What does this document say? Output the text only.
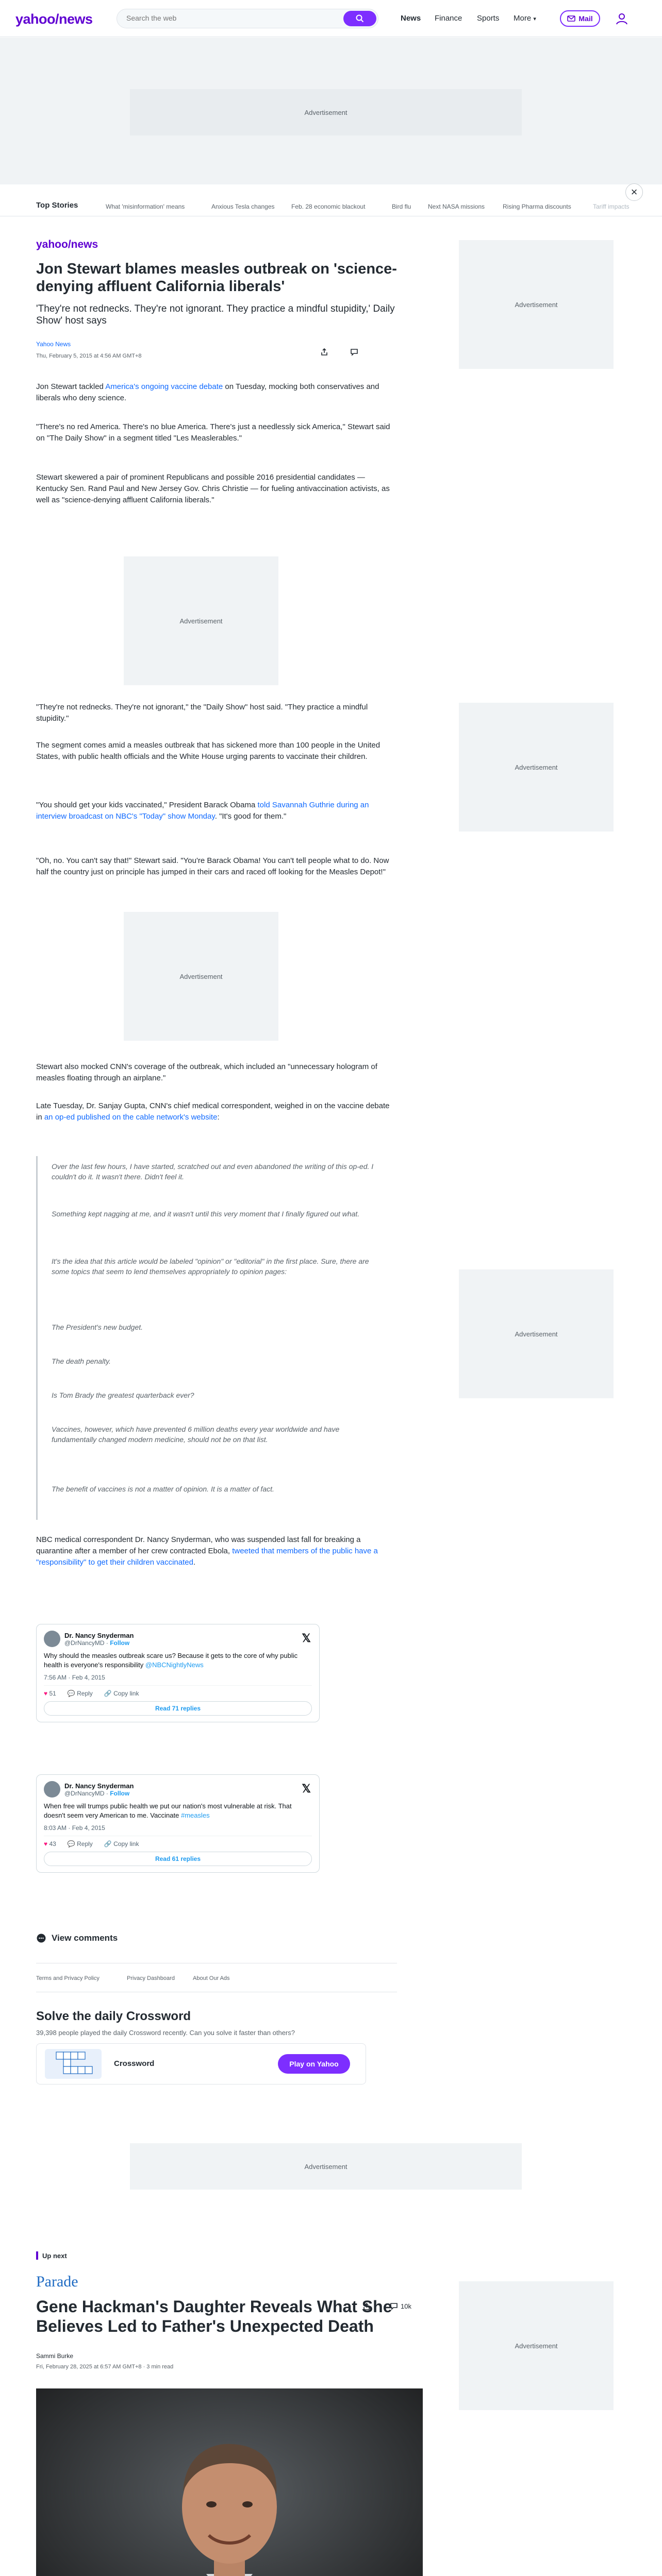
yahoo/news
Search the web	News Finance Sports More ▾	Mail
Advertisement
×
Top Stories	What 'misinformation' means	Anxious Tesla changes	Feb. 28 economic blackout	Bird flu	Next NASA missions	Rising Pharma discounts	Tariff impacts
yahoo/news
Jon Stewart blames measles outbreak on 'science-denying affluent California liberals'
'They're not rednecks. They're not ignorant. They practice a mindful stupidity,' Daily Show' host says
Yahoo News
Thu, February 5, 2015 at 4:56 AM GMT+8
Advertisement

Jon Stewart tackled America's ongoing vaccine debate on Tuesday, mocking both conservatives and liberals who deny science.

"There's no red America. There's no blue America. There's just a needlessly sick America," Stewart said on "The Daily Show" in a segment titled "Les Measlerables."

Stewart skewered a pair of prominent Republicans and possible 2016 presidential candidates — Kentucky Sen. Rand Paul and New Jersey Gov. Chris Christie — for fueling antivaccination activists, as well as "science-denying affluent California liberals."

Advertisement

"They're not rednecks. They're not ignorant," the "Daily Show" host said. "They practice a mindful stupidity."

The segment comes amid a measles outbreak that has sickened more than 100 people in the United States, with public health officials and the White House urging parents to vaccinate their children.

"You should get your kids vaccinated," President Barack Obama told Savannah Guthrie during an interview broadcast on NBC's "Today" show Monday. "It's good for them."

"Oh, no. You can't say that!" Stewart said. "You're Barack Obama! You can't tell people what to do. Now half the country just on principle has jumped in their cars and raced off looking for the Measles Depot!"

Advertisement
Advertisement

Stewart also mocked CNN's coverage of the outbreak, which included an "unnecessary hologram of measles floating through an airplane."

Late Tuesday, Dr. Sanjay Gupta, CNN's chief medical correspondent, weighed in on the vaccine debate in an op-ed published on the cable network's website:

Over the last few hours, I have started, scratched out and even abandoned the writing of this op-ed. I couldn't do it. It wasn't there. Didn't feel it.

Something kept nagging at me, and it wasn't until this very moment that I finally figured out what.

It's the idea that this article would be labeled "opinion" or "editorial" in the first place. Sure, there are some topics that seem to lend themselves appropriately to opinion pages:

The President's new budget.

The death penalty.

Is Tom Brady the greatest quarterback ever?

Vaccines, however, which have prevented 6 million deaths every year worldwide and have fundamentally changed modern medicine, should not be on that list.

The benefit of vaccines is not a matter of opinion. It is a matter of fact.

Advertisement

NBC medical correspondent Dr. Nancy Snyderman, who was suspended last fall for breaking a quarantine after a member of her crew contracted Ebola, tweeted that members of the public have a "responsibility" to get their children vaccinated.

Dr. Nancy Snyderman
@DrNancyMD · Follow	𝕏
Why should the measles outbreak scare us? Because it gets to the core of why public health is everyone's responsibility @NBCNightlyNews
7:56 AM · Feb 4, 2015
♥ 51 💬 Reply 🔗 Copy link
Read 71 replies
Dr. Nancy Snyderman
@DrNancyMD · Follow	𝕏
When free will trumps public health we put our nation's most vulnerable at risk. That doesn't seem very American to me. Vaccinate #measles
8:03 AM · Feb 4, 2015
♥ 43 💬 Reply 🔗 Copy link
Read 61 replies
View comments
Terms and Privacy Policy	Privacy Dashboard	About Our Ads
Solve the daily Crossword
39,398 people played the daily Crossword recently. Can you solve it faster than others?
Crossword	Play on Yahoo
Advertisement
Up next
Parade
Gene Hackman's Daughter Reveals What She Believes Led to Father's Unexpected Death
Sammi Burke
Fri, February 28, 2025 at 6:57 AM GMT+8 · 3 min read
10k
Advertisement
